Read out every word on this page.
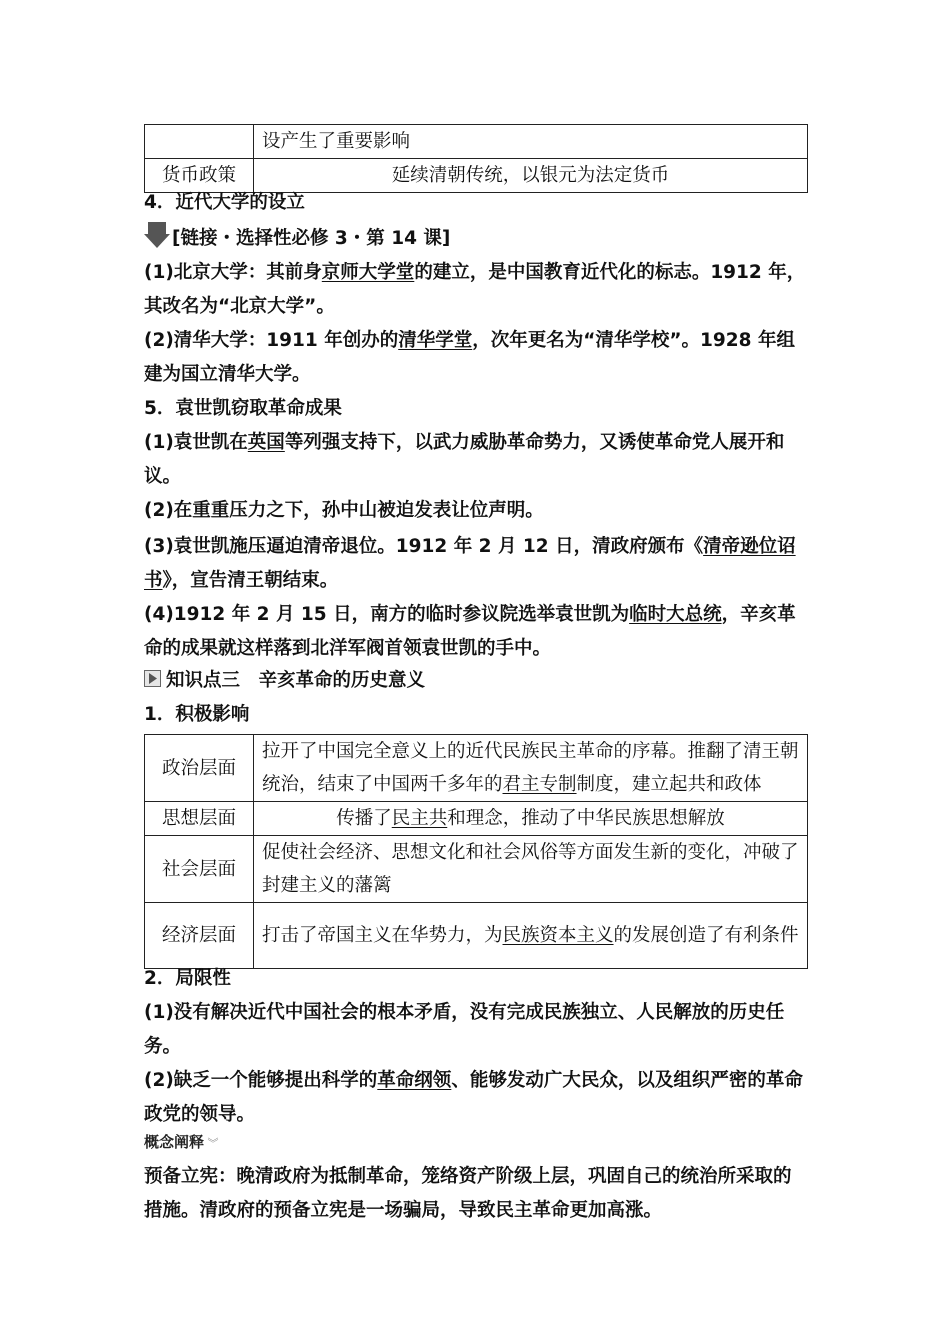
	设产生了重要影响
货币政策	延续清朝传统，以银元为法定货币
4．近代大学的设立
[链接・选择性必修 3・第 14 课]
(1)北京大学：其前身京师大学堂的建立，是中国教育近代化的标志。1912 年，其改名为“北京大学”。
(2)清华大学：1911 年创办的清华学堂，次年更名为“清华学校”。1928 年组建为国立清华大学。
5．袁世凯窃取革命成果
(1)袁世凯在英国等列强支持下，以武力威胁革命势力，又诱使革命党人展开和议。
(2)在重重压力之下，孙中山被迫发表让位声明。
(3)袁世凯施压逼迫清帝退位。1912 年 2 月 12 日，清政府颁布《清帝逊位诏书》，宣告清王朝结束。
(4)1912 年 2 月 15 日，南方的临时参议院选举袁世凯为临时大总统，辛亥革命的成果就这样落到北洋军阀首领袁世凯的手中。
知识点三　辛亥革命的历史意义
1．积极影响
政治层面	拉开了中国完全意义上的近代民族民主革命的序幕。推翻了清王朝统治，结束了中国两千多年的君主专制制度，建立起共和政体
思想层面	传播了民主共和理念，推动了中华民族思想解放
社会层面	促使社会经济、思想文化和社会风俗等方面发生新的变化，冲破了封建主义的藩篱
经济层面	打击了帝国主义在华势力，为民族资本主义的发展创造了有利条件
2．局限性
(1)没有解决近代中国社会的根本矛盾，没有完成民族独立、人民解放的历史任务。
(2)缺乏一个能够提出科学的革命纲领、能够发动广大民众，以及组织严密的革命政党的领导。
概念阐释 ︾
预备立宪：晚清政府为抵制革命，笼络资产阶级上层，巩固自己的统治所采取的措施。清政府的预备立宪是一场骗局，导致民主革命更加高涨。
